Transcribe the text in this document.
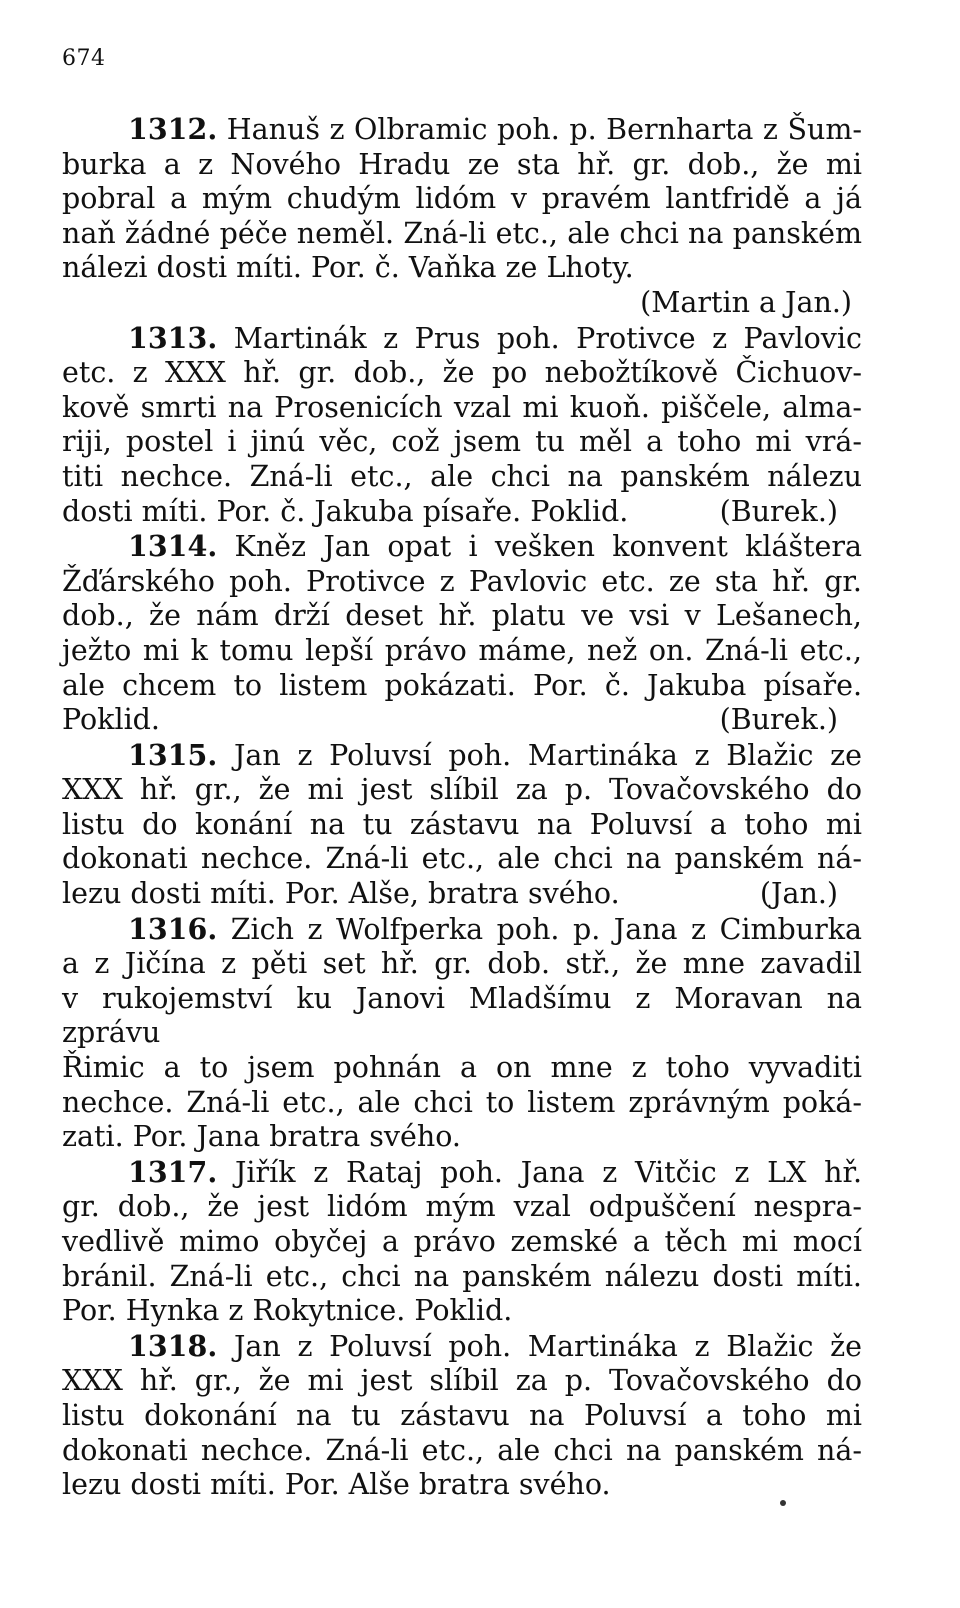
674
1312. Hanuš z Olbramic poh. p. Bernharta z Šum-
burka a z Nového Hradu ze sta hř. gr. dob., že mi
pobral a mým chudým lidóm v pravém lantfridě a já
naň žádné péče neměl. Zná-li etc., ale chci na panském
nálezi dosti míti. Por. č. Vaňka ze Lhoty.
(Martin a Jan.)
1313. Martinák z Prus poh. Protivce z Pavlovic
etc. z XXX hř. gr. dob., že po nebožtíkově Čichuov-
kově smrti na Prosenicích vzal mi kuoň. piščele, alma-
riji, postel i jinú věc, což jsem tu měl a toho mi vrá-
titi nechce. Zná-li etc., ale chci na panském nálezu
dosti míti. Por. č. Jakuba písaře. Poklid.	(Burek.)
1314. Kněz Jan opat i vešken konvent kláštera
Žďárského poh. Protivce z Pavlovic etc. ze sta hř. gr.
dob., že nám drží deset hř. platu ve vsi v Lešanech,
ježto mi k tomu lepší právo máme, než on. Zná-li etc.,
ale chcem to listem pokázati. Por. č. Jakuba písaře.
Poklid.	(Burek.)
1315. Jan z Poluvsí poh. Martináka z Blažic ze
XXX hř. gr., že mi jest slíbil za p. Tovačovského do
listu do konání na tu zástavu na Poluvsí a toho mi
dokonati nechce. Zná-li etc., ale chci na panském ná-
lezu dosti míti. Por. Alše, bratra svého.	(Jan.)
1316. Zich z Wolfperka poh. p. Jana z Cimburka
a z Jičína z pěti set hř. gr. dob. stř., že mne zavadil
v rukojemství ku Janovi Mladšímu z Moravan na zprávu
Řimic a to jsem pohnán a on mne z toho vyvaditi
nechce. Zná-li etc., ale chci to listem zprávným poká-
zati. Por. Jana bratra svého.
1317. Jiřík z Rataj poh. Jana z Vitčic z LX hř.
gr. dob., že jest lidóm mým vzal odpuščení nespra-
vedlivě mimo obyčej a právo zemské a těch mi mocí
bránil. Zná-li etc., chci na panském nálezu dosti míti.
Por. Hynka z Rokytnice. Poklid.
1318. Jan z Poluvsí poh. Martináka z Blažic že
XXX hř. gr., že mi jest slíbil za p. Tovačovského do
listu dokonání na tu zástavu na Poluvsí a toho mi
dokonati nechce. Zná-li etc., ale chci na panském ná-
lezu dosti míti. Por. Alše bratra svého.
